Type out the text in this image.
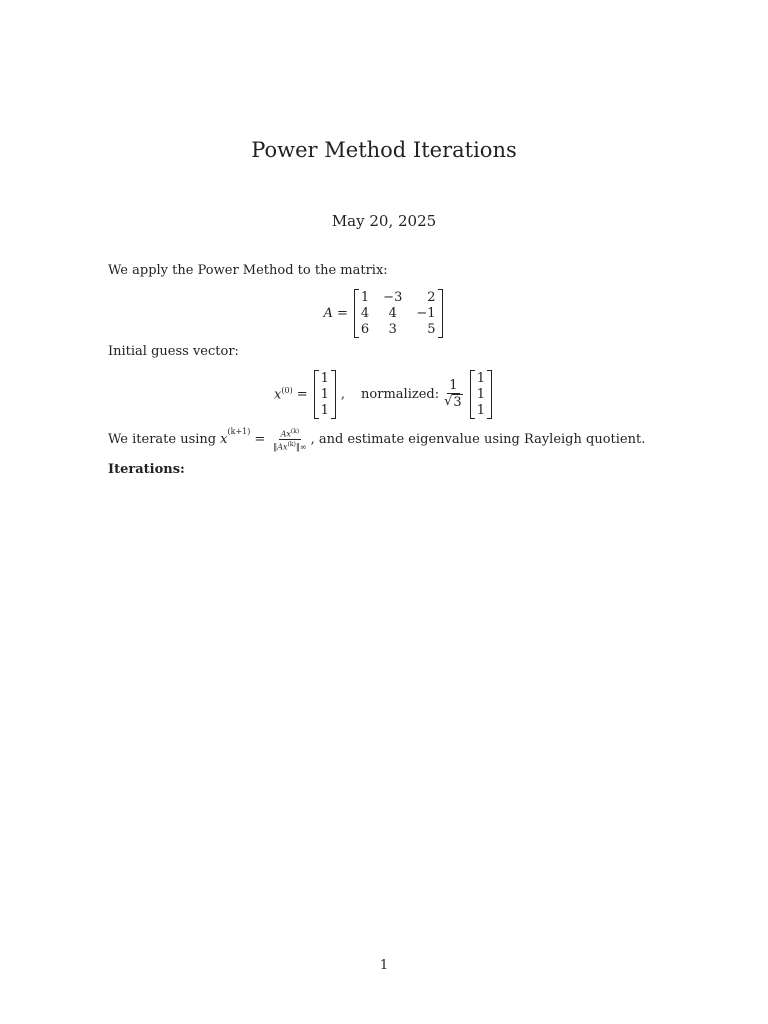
Power Method Iterations
May 20, 2025
We apply the Power Method to the matrix:
A =
1 −3	2
4	4	−1
6	3	5
Initial guess vector:
$x^{(0)}$ =
1
1
1
, normalized: $\frac{1}{√ 3}$
1
1
1
We iterate using x
$^{(k+1)}$
= $\frac{Ax^{(k)}}{‖Ax^{(k)}‖\infty}$ , and estimate eigenvalue using Rayleigh quotient.
Iterations:
1
